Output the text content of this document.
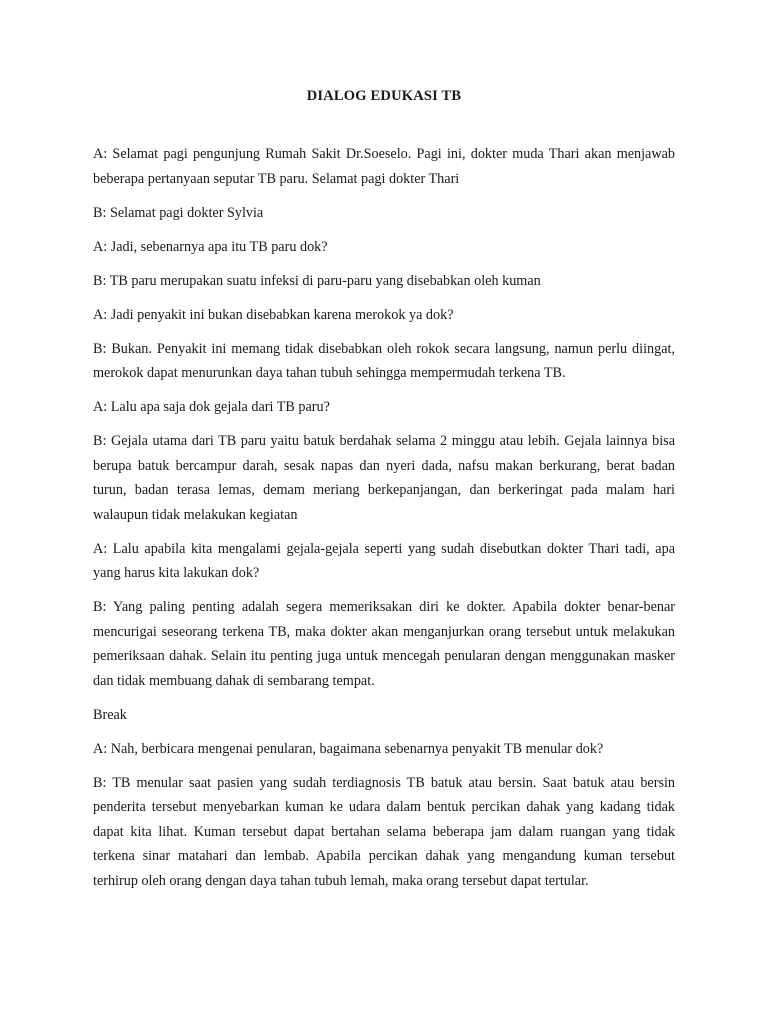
DIALOG EDUKASI TB

A: Selamat pagi pengunjung Rumah Sakit Dr.Soeselo. Pagi ini, dokter muda Thari akan menjawab beberapa pertanyaan seputar TB paru. Selamat pagi dokter Thari

B: Selamat pagi dokter Sylvia

A: Jadi, sebenarnya apa itu TB paru dok?

B: TB paru merupakan suatu infeksi di paru-paru yang disebabkan oleh kuman

A: Jadi penyakit ini bukan disebabkan karena merokok ya dok?

B: Bukan. Penyakit ini memang tidak disebabkan oleh rokok secara langsung, namun perlu diingat, merokok dapat menurunkan daya tahan tubuh sehingga mempermudah terkena TB.

A: Lalu apa saja dok gejala dari TB paru?

B: Gejala utama dari TB paru yaitu batuk berdahak selama 2 minggu atau lebih. Gejala lainnya bisa berupa batuk bercampur darah, sesak napas dan nyeri dada, nafsu makan berkurang, berat badan turun, badan terasa lemas, demam meriang berkepanjangan, dan berkeringat pada malam hari walaupun tidak melakukan kegiatan

A: Lalu apabila kita mengalami gejala-gejala seperti yang sudah disebutkan dokter Thari tadi, apa yang harus kita lakukan dok?

B: Yang paling penting adalah segera memeriksakan diri ke dokter. Apabila dokter benar-benar mencurigai seseorang terkena TB, maka dokter akan menganjurkan orang tersebut untuk melakukan pemeriksaan dahak. Selain itu penting juga untuk mencegah penularan dengan menggunakan masker dan tidak membuang dahak di sembarang tempat.

Break

A: Nah, berbicara mengenai penularan, bagaimana sebenarnya penyakit TB menular dok?

B: TB menular saat pasien yang sudah terdiagnosis TB batuk atau bersin. Saat batuk atau bersin penderita tersebut menyebarkan kuman ke udara dalam bentuk percikan dahak yang kadang tidak dapat kita lihat. Kuman tersebut dapat bertahan selama beberapa jam dalam ruangan yang tidak terkena sinar matahari dan lembab. Apabila percikan dahak yang mengandung kuman tersebut terhirup oleh orang dengan daya tahan tubuh lemah, maka orang tersebut dapat tertular.
